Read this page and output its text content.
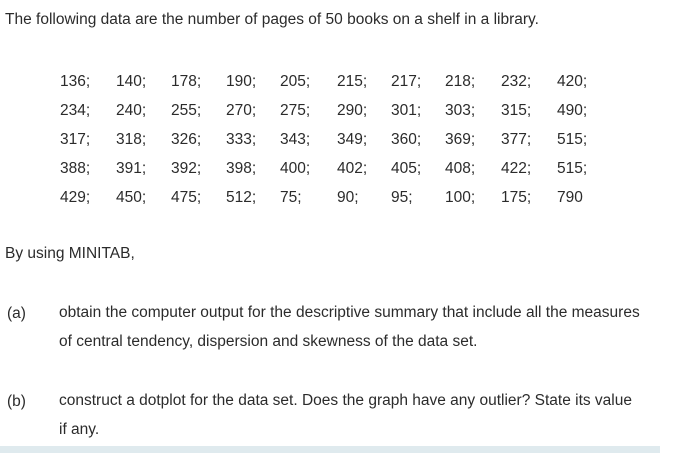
The following data are the number of pages of 50 books on a shelf in a library.
136; 140; 178; 190; 205; 215; 217; 218; 232; 420;
234; 240; 255; 270; 275; 290; 301; 303; 315; 490;
317; 318; 326; 333; 343; 349; 360; 369; 377; 515;
388; 391; 392; 398; 400; 402; 405; 408; 422; 515;
429; 450; 475; 512; 75; 90; 95; 100; 175; 790
By using MINITAB,
(a) obtain the computer output for the descriptive summary that include all the measures
of central tendency, dispersion and skewness of the data set.
(b) construct a dotplot for the data set. Does the graph have any outlier? State its value
if any.
